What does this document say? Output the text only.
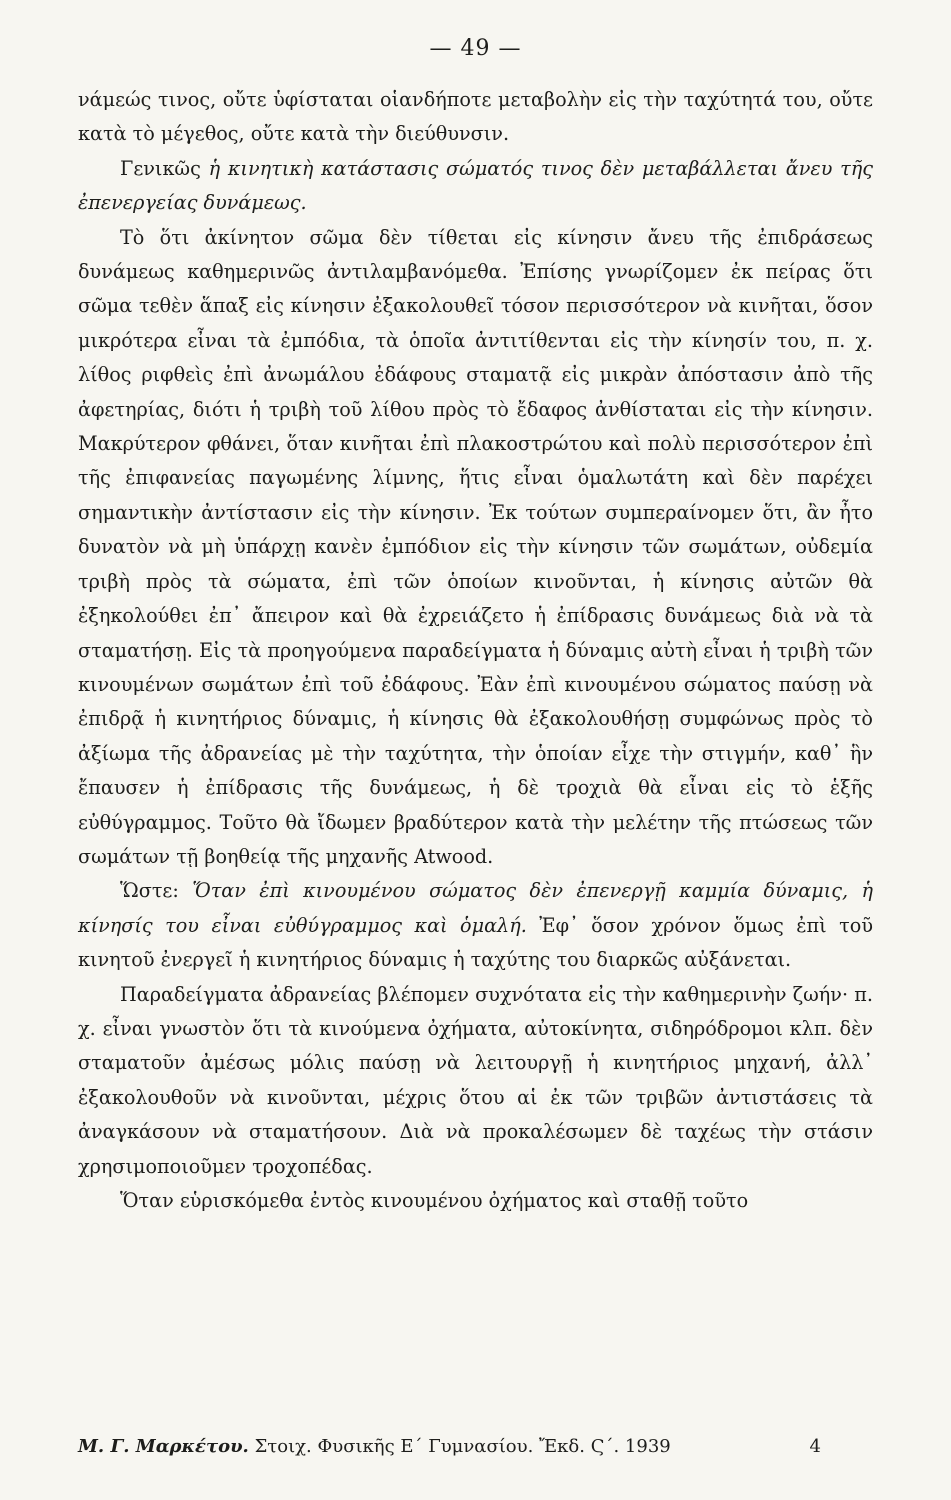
— 49 —

νάμεώς τινος, οὔτε ὑφίσταται οἱανδήποτε μεταβολὴν εἰς τὴν ταχύτητά του, οὔτε κατὰ τὸ μέγεθος, οὔτε κατὰ τὴν διεύθυνσιν.

Γενικῶς ἡ κινητικὴ κατάστασις σώματός τινος δὲν μεταβάλλεται ἄνευ τῆς ἐπενεργείας δυνάμεως.

Τὸ ὅτι ἀκίνητον σῶμα δὲν τίθεται εἰς κίνησιν ἄνευ τῆς ἐπιδράσεως δυνάμεως καθημερινῶς ἀντιλαμβανόμεθα. Ἐπίσης γνωρίζομεν ἐκ πείρας ὅτι σῶμα τεθὲν ἅπαξ εἰς κίνησιν ἐξακολουθεῖ τόσον περισσότερον νὰ κινῆται, ὅσον μικρότερα εἶναι τὰ ἐμπόδια, τὰ ὁποῖα ἀντιτίθενται εἰς τὴν κίνησίν του, π. χ. λίθος ριφθεὶς ἐπὶ ἀνωμάλου ἐδάφους σταματᾷ εἰς μικρὰν ἀπόστασιν ἀπὸ τῆς ἀφετηρίας, διότι ἡ τριβὴ τοῦ λίθου πρὸς τὸ ἔδαφος ἀνθίσταται εἰς τὴν κίνησιν. Μακρύτερον φθάνει, ὅταν κινῆται ἐπὶ πλακοστρώτου καὶ πολὺ περισσότερον ἐπὶ τῆς ἐπιφανείας παγωμένης λίμνης, ἥτις εἶναι ὁμαλωτάτη καὶ δὲν παρέχει σημαντικὴν ἀντίστασιν εἰς τὴν κίνησιν. Ἐκ τούτων συμπεραίνομεν ὅτι, ἂν ἦτο δυνατὸν νὰ μὴ ὑπάρχῃ κανὲν ἐμπόδιον εἰς τὴν κίνησιν τῶν σωμάτων, οὐδεμία τριβὴ πρὸς τὰ σώματα, ἐπὶ τῶν ὁποίων κινοῦνται, ἡ κίνησις αὐτῶν θὰ ἐξηκολούθει ἐπ᾿ ἄπειρον καὶ θὰ ἐχρειάζετο ἡ ἐπίδρασις δυνάμεως διὰ νὰ τὰ σταματήσῃ. Εἰς τὰ προηγούμενα παραδείγματα ἡ δύναμις αὐτὴ εἶναι ἡ τριβὴ τῶν κινουμένων σωμάτων ἐπὶ τοῦ ἐδάφους. Ἐὰν ἐπὶ κινουμένου σώματος παύσῃ νὰ ἐπιδρᾷ ἡ κινητήριος δύναμις, ἡ κίνησις θὰ ἐξακολουθήσῃ συμφώνως πρὸς τὸ ἀξίωμα τῆς ἀδρανείας μὲ τὴν ταχύτητα, τὴν ὁποίαν εἶχε τὴν στιγμήν, καθ᾿ ἣν ἔπαυσεν ἡ ἐπίδρασις τῆς δυνάμεως, ἡ δὲ τροχιὰ θὰ εἶναι εἰς τὸ ἑξῆς εὐθύγραμμος. Τοῦτο θὰ ἴδωμεν βραδύτερον κατὰ τὴν μελέτην τῆς πτώσεως τῶν σωμάτων τῇ βοηθείᾳ τῆς μηχανῆς Atwood.

Ὥστε: Ὅταν ἐπὶ κινουμένου σώματος δὲν ἐπενεργῇ καμμία δύναμις, ἡ κίνησίς του εἶναι εὐθύγραμμος καὶ ὁμαλή. Ἐφ᾿ ὅσον χρόνον ὅμως ἐπὶ τοῦ κινητοῦ ἐνεργεῖ ἡ κινητήριος δύναμις ἡ ταχύτης του διαρκῶς αὐξάνεται.

Παραδείγματα ἀδρανείας βλέπομεν συχνότατα εἰς τὴν καθημερινὴν ζωήν· π. χ. εἶναι γνωστὸν ὅτι τὰ κινούμενα ὀχήματα, αὐτοκίνητα, σιδηρόδρομοι κλπ. δὲν σταματοῦν ἀμέσως μόλις παύσῃ νὰ λειτουργῇ ἡ κινητήριος μηχανή, ἀλλ᾿ ἐξακολουθοῦν νὰ κινοῦνται, μέχρις ὅτου αἱ ἐκ τῶν τριβῶν ἀντιστάσεις τὰ ἀναγκάσουν νὰ σταματήσουν. Διὰ νὰ προκαλέσωμεν δὲ ταχέως τὴν στάσιν χρησιμοποιοῦμεν τροχοπέδας.

Ὅταν εὑρισκόμεθα ἐντὸς κινουμένου ὀχήματος καὶ σταθῇ τοῦτο

Μ. Γ. Μαρκέτου. Στοιχ. Φυσικῆς Ε΄ Γυμνασίου. Ἔκδ. Ϛ΄. 1939	4
